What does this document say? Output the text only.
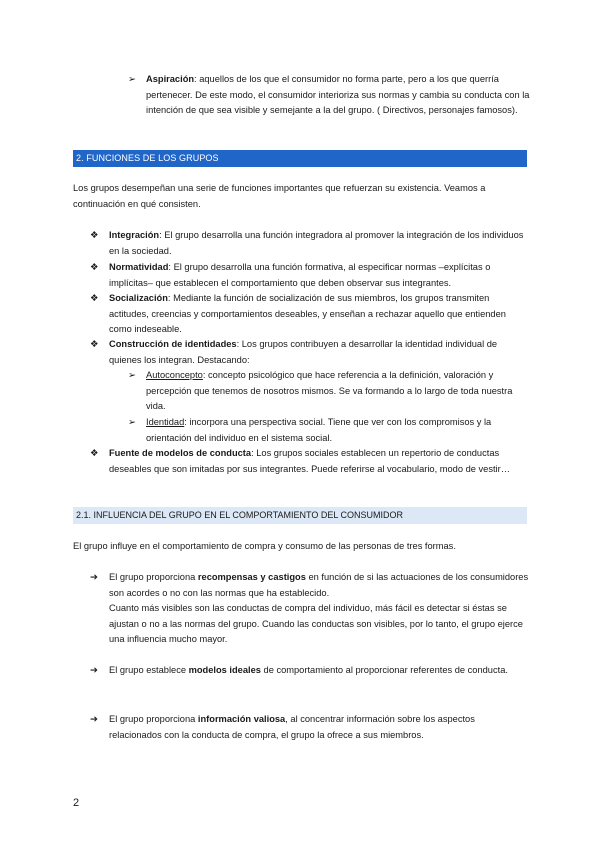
➢ Aspiración: aquellos de los que el consumidor no forma parte, pero a los que querría pertenecer. De este modo, el consumidor interioriza sus normas y cambia su conducta con la intención de que sea visible y semejante a la del grupo. ( Directivos, personajes famosos).
2. FUNCIONES DE LOS GRUPOS
Los grupos desempeñan una serie de funciones importantes que refuerzan su existencia. Veamos a continuación en qué consisten.
❖ Integración: El grupo desarrolla una función integradora al promover la integración de los individuos en la sociedad.
❖ Normatividad: El grupo desarrolla una función formativa, al especificar normas –explícitas o implícitas– que establecen el comportamiento que deben observar sus integrantes.
❖ Socialización: Mediante la función de socialización de sus miembros, los grupos transmiten actitudes, creencias y comportamientos deseables, y enseñan a rechazar aquello que entienden como indeseable.
❖ Construcción de identidades: Los grupos contribuyen a desarrollar la identidad individual de quienes los integran. Destacando:
➢ Autoconcepto: concepto psicológico que hace referencia a la definición, valoración y percepción que tenemos de nosotros mismos. Se va formando a lo largo de toda nuestra vida.
➢ Identidad: incorpora una perspectiva social. Tiene que ver con los compromisos y la orientación del individuo en el sistema social.
❖ Fuente de modelos de conducta: Los grupos sociales establecen un repertorio de conductas deseables que son imitadas por sus integrantes. Puede referirse al vocabulario, modo de vestir…
2.1. INFLUENCIA DEL GRUPO EN EL COMPORTAMIENTO DEL CONSUMIDOR
El grupo influye en el comportamiento de compra y consumo de las personas de tres formas.
➔ El grupo proporciona recompensas y castigos en función de si las actuaciones de los consumidores son acordes o no con las normas que ha establecido.
Cuanto más visibles son las conductas de compra del individuo, más fácil es detectar si éstas se ajustan o no a las normas del grupo. Cuando las conductas son visibles, por lo tanto, el grupo ejerce una influencia mucho mayor.
➔ El grupo establece modelos ideales de comportamiento al proporcionar referentes de conducta.
➔ El grupo proporciona información valiosa, al concentrar información sobre los aspectos relacionados con la conducta de compra, el grupo la ofrece a sus miembros.
2
